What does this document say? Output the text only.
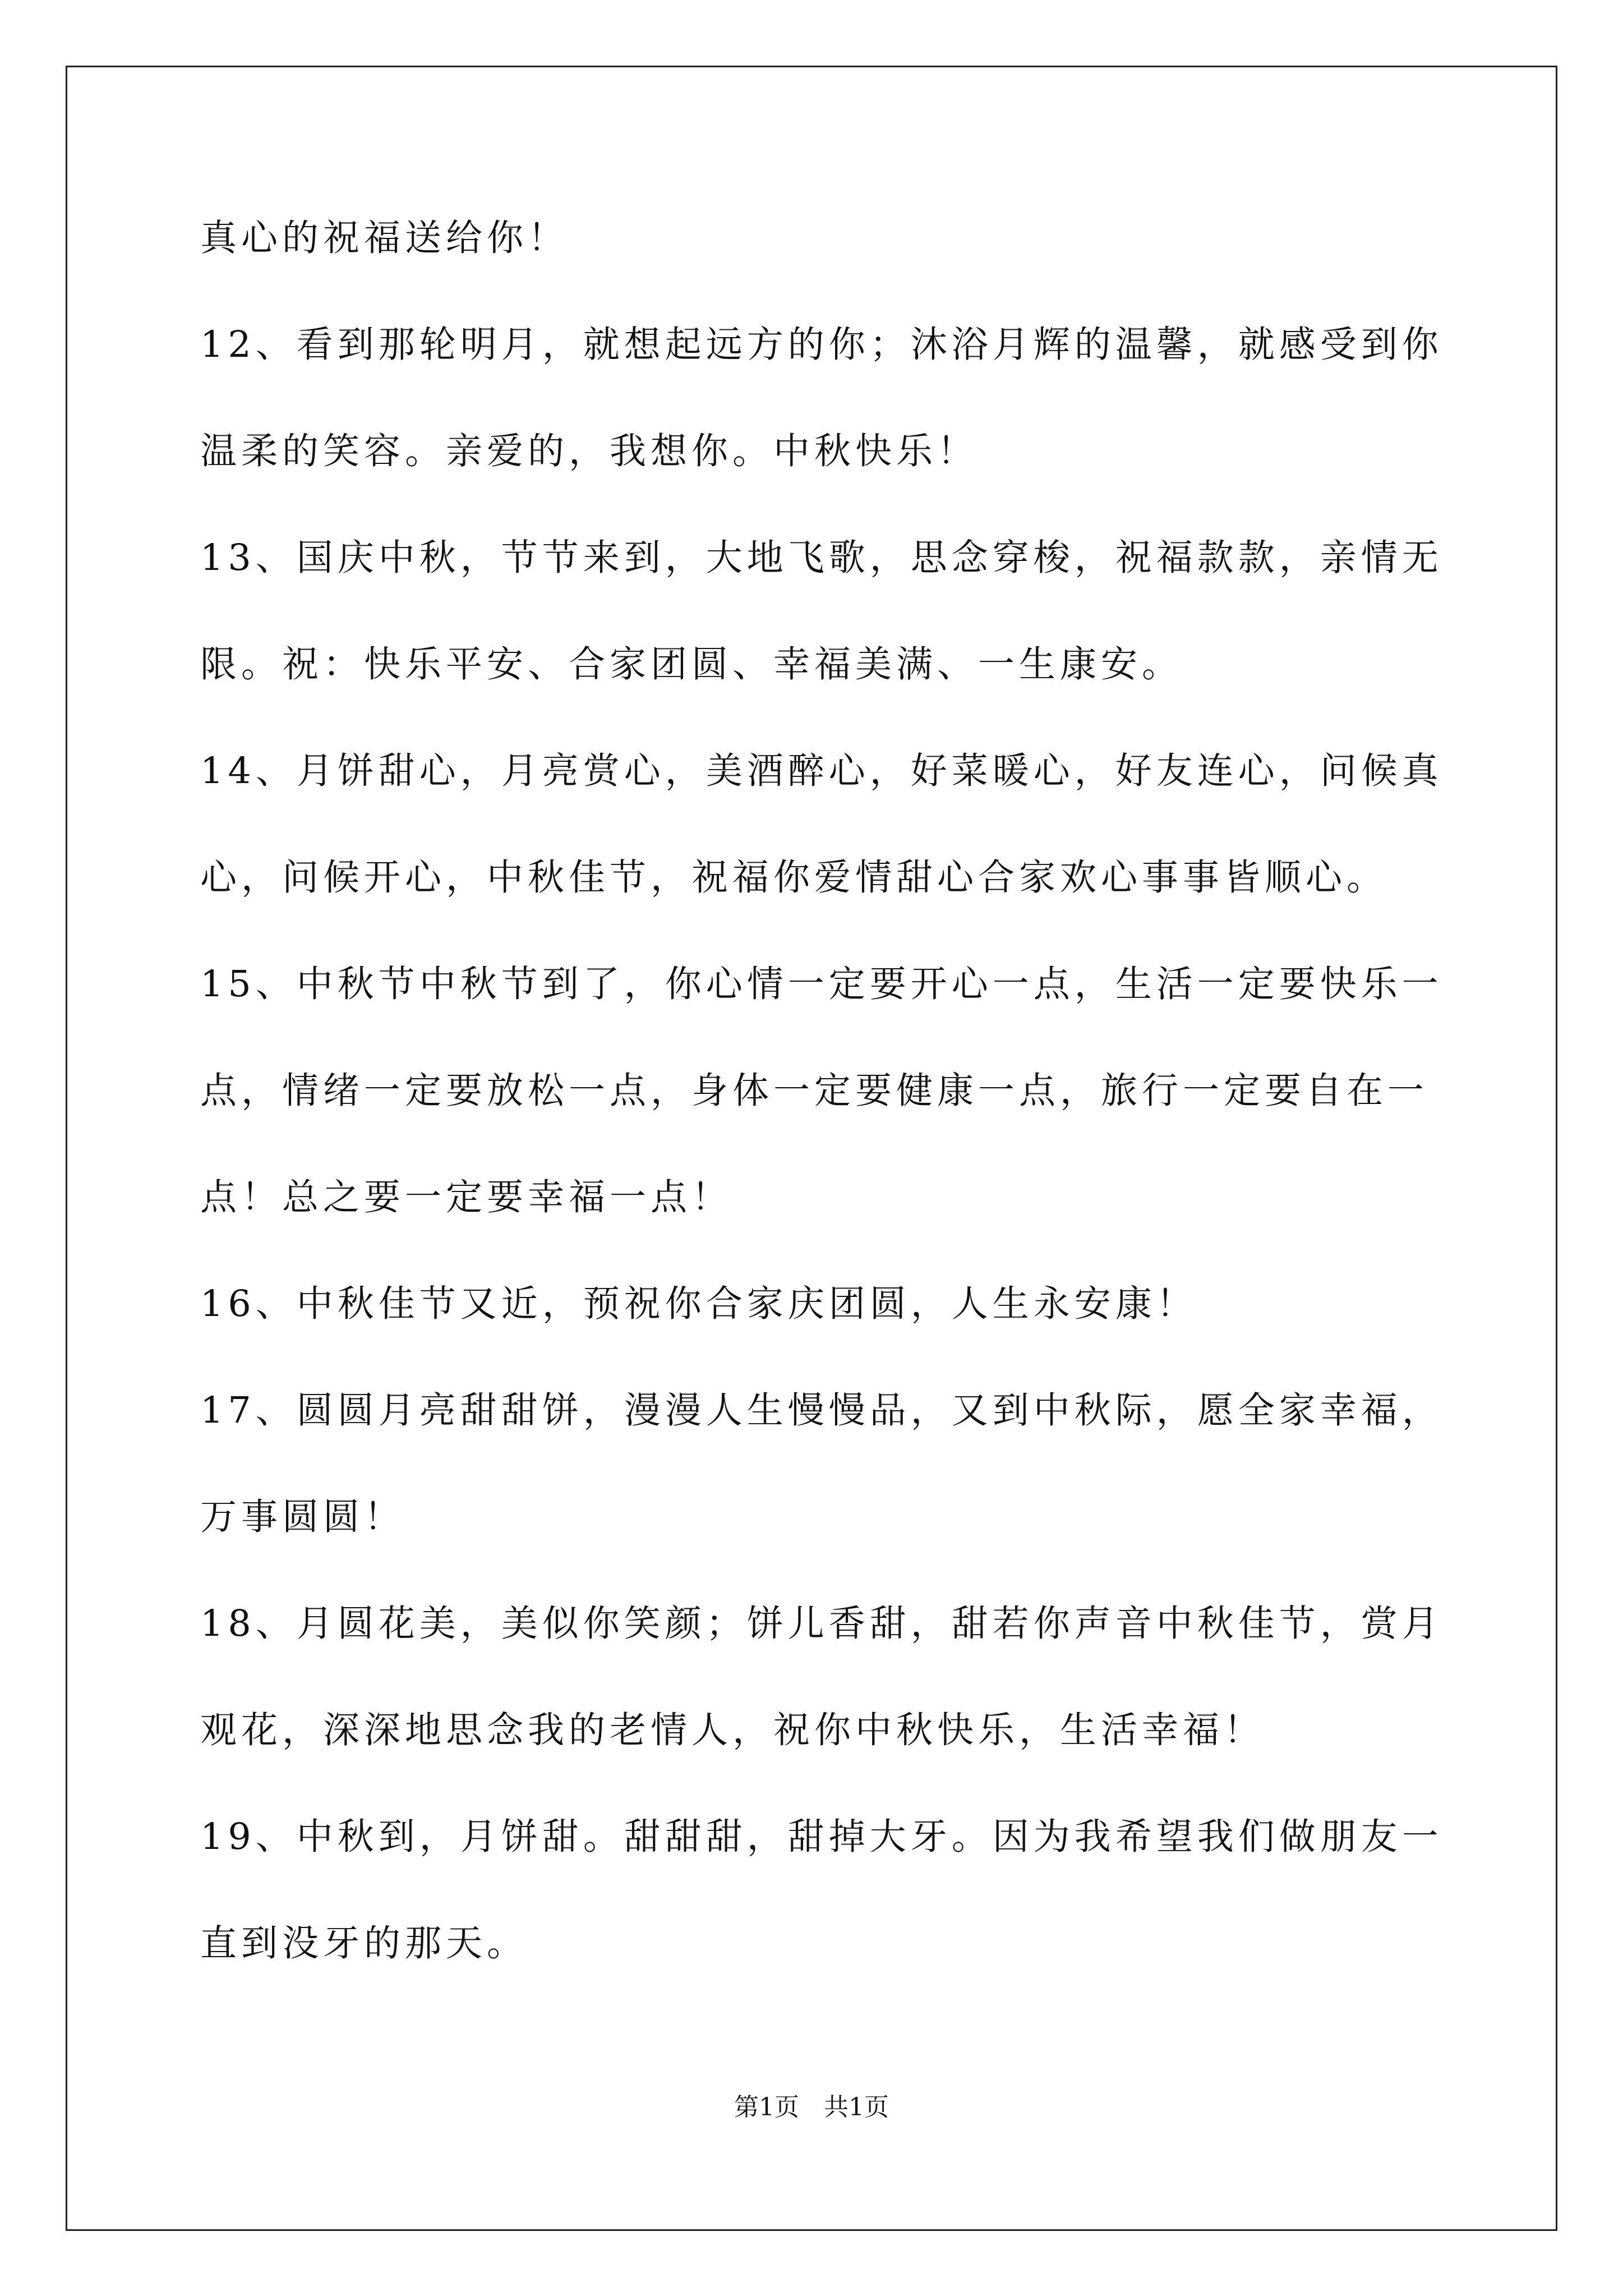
真心的祝福送给你！
12、看到那轮明月，就想起远方的你；沐浴月辉的温馨，就感受到你
温柔的笑容。亲爱的，我想你。中秋快乐！
13、国庆中秋，节节来到，大地飞歌，思念穿梭，祝福款款，亲情无
限。祝：快乐平安、合家团圆、幸福美满、一生康安。
14、月饼甜心，月亮赏心，美酒醉心，好菜暖心，好友连心，问候真
心，问候开心，中秋佳节，祝福你爱情甜心合家欢心事事皆顺心。
15、中秋节中秋节到了，你心情一定要开心一点，生活一定要快乐一
点，情绪一定要放松一点，身体一定要健康一点，旅行一定要自在一
点！总之要一定要幸福一点！
16、中秋佳节又近，预祝你合家庆团圆，人生永安康！
17、圆圆月亮甜甜饼，漫漫人生慢慢品，又到中秋际，愿全家幸福，
万事圆圆！
18、月圆花美，美似你笑颜；饼儿香甜，甜若你声音中秋佳节，赏月
观花，深深地思念我的老情人，祝你中秋快乐，生活幸福！
19、中秋到，月饼甜。甜甜甜，甜掉大牙。因为我希望我们做朋友一
直到没牙的那天。
第1页 共1页
